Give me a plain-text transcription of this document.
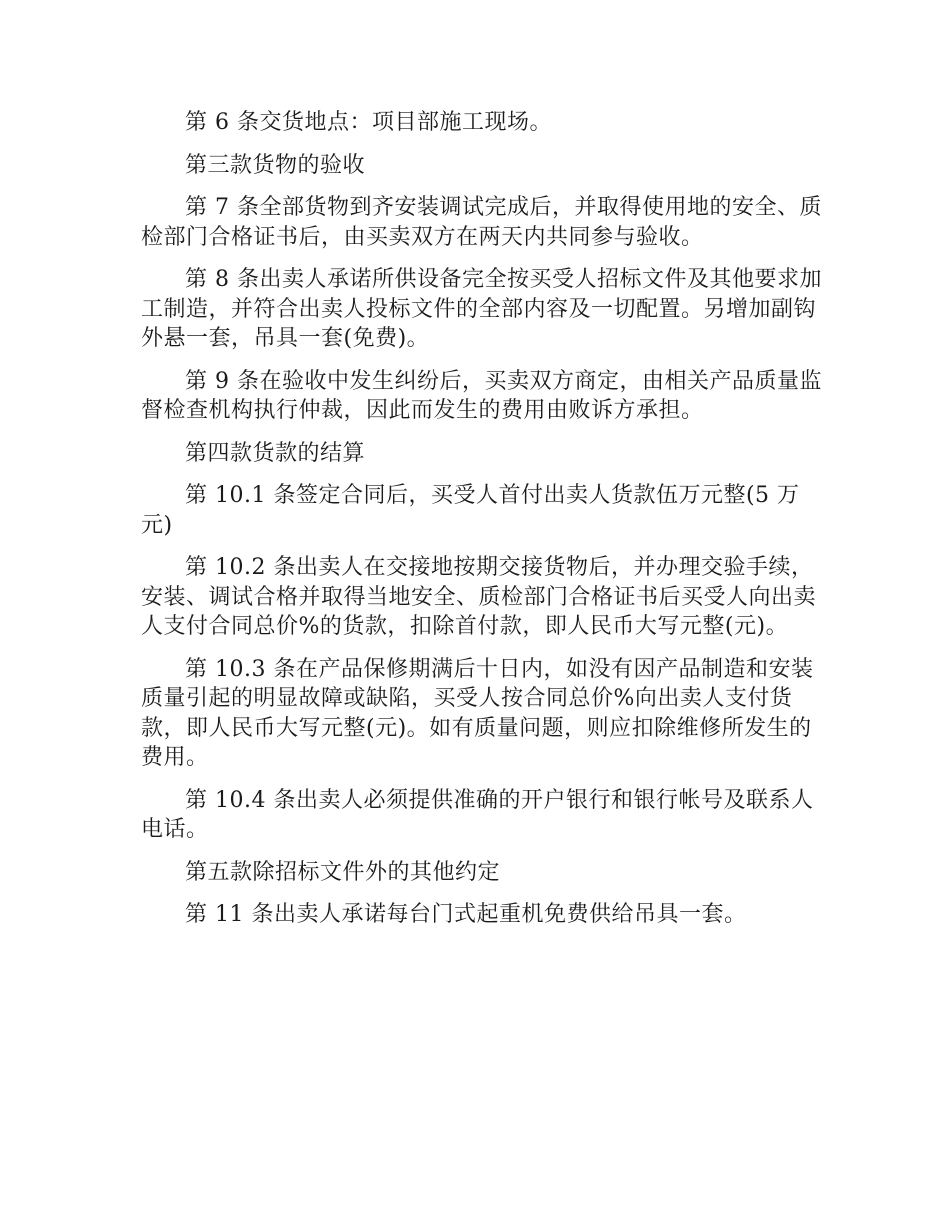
第 6 条交货地点：项目部施工现场。

第三款货物的验收

第 7 条全部货物到齐安装调试完成后，并取得使用地的安全、质检部门合格证书后，由买卖双方在两天内共同参与验收。

第 8 条出卖人承诺所供设备完全按买受人招标文件及其他要求加工制造，并符合出卖人投标文件的全部内容及一切配置。另增加副钩外悬一套，吊具一套(免费)。

第 9 条在验收中发生纠纷后，买卖双方商定，由相关产品质量监督检查机构执行仲裁，因此而发生的费用由败诉方承担。

第四款货款的结算

第 10.1 条签定合同后，买受人首付出卖人货款伍万元整(5 万元)

第 10.2 条出卖人在交接地按期交接货物后，并办理交验手续，安装、调试合格并取得当地安全、质检部门合格证书后买受人向出卖人支付合同总价%的货款，扣除首付款，即人民币大写元整(元)。

第 10.3 条在产品保修期满后十日内，如没有因产品制造和安装质量引起的明显故障或缺陷，买受人按合同总价%向出卖人支付货款，即人民币大写元整(元)。如有质量问题，则应扣除维修所发生的费用。

第 10.4 条出卖人必须提供准确的开户银行和银行帐号及联系人电话。

第五款除招标文件外的其他约定

第 11 条出卖人承诺每台门式起重机免费供给吊具一套。
